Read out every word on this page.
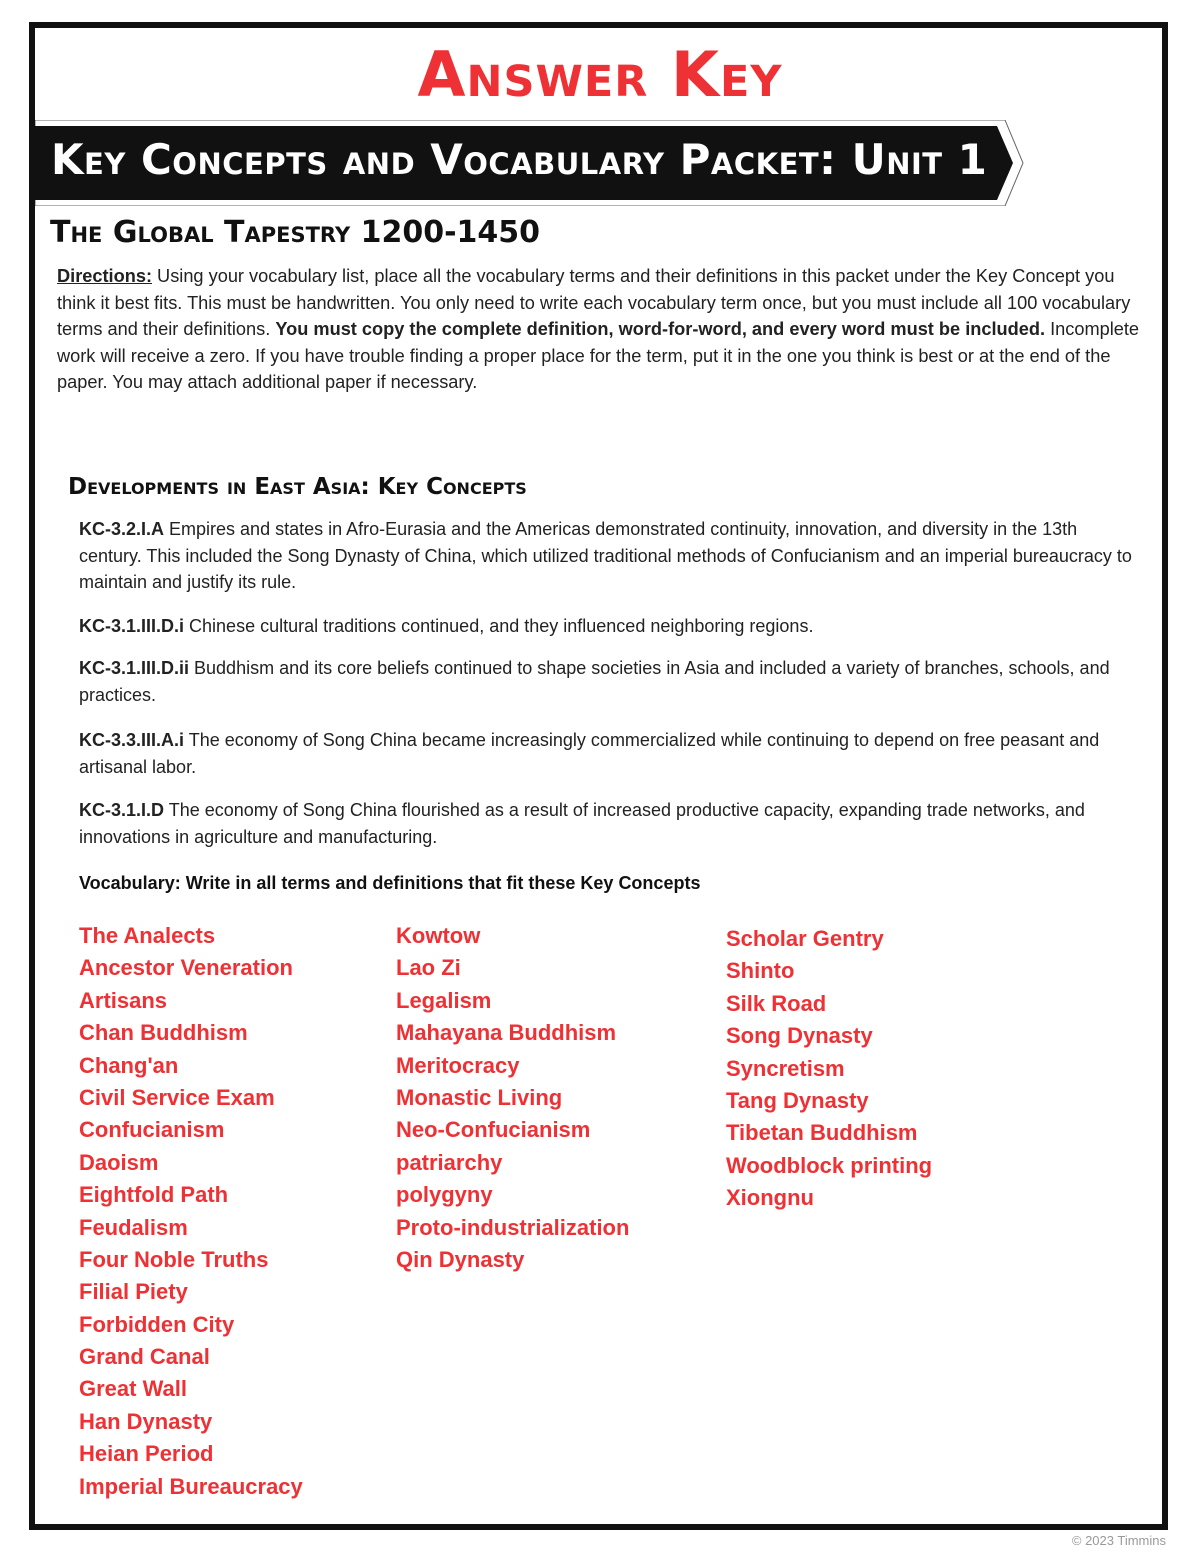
Answer Key
Key Concepts and Vocabulary Packet: Unit 1
The Global Tapestry 1200-1450
Directions: Using your vocabulary list, place all the vocabulary terms and their definitions in this packet under the Key Concept you think it best fits. This must be handwritten. You only need to write each vocabulary term once, but you must include all 100 vocabulary terms and their definitions. You must copy the complete definition, word-for-word, and every word must be included. Incomplete work will receive a zero. If you have trouble finding a proper place for the term, put it in the one you think is best or at the end of the paper. You may attach additional paper if necessary.
Developments in East Asia: Key Concepts
KC-3.2.I.A Empires and states in Afro-Eurasia and the Americas demonstrated continuity, innovation, and diversity in the 13th century. This included the Song Dynasty of China, which utilized traditional methods of Confucianism and an imperial bureaucracy to maintain and justify its rule.
KC-3.1.III.D.i Chinese cultural traditions continued, and they influenced neighboring regions.
KC-3.1.III.D.ii Buddhism and its core beliefs continued to shape societies in Asia and included a variety of branches, schools, and practices.
KC-3.3.III.A.i The economy of Song China became increasingly commercialized while continuing to depend on free peasant and artisanal labor.
KC-3.1.I.D The economy of Song China flourished as a result of increased productive capacity, expanding trade networks, and innovations in agriculture and manufacturing.
Vocabulary: Write in all terms and definitions that fit these Key Concepts
The Analects
Ancestor Veneration
Artisans
Chan Buddhism
Chang'an
Civil Service Exam
Confucianism
Daoism
Eightfold Path
Feudalism
Four Noble Truths
Filial Piety
Forbidden City
Grand Canal
Great Wall
Han Dynasty
Heian Period
Imperial Bureaucracy
Kowtow
Lao Zi
Legalism
Mahayana Buddhism
Meritocracy
Monastic Living
Neo-Confucianism
patriarchy
polygyny
Proto-industrialization
Qin Dynasty
Scholar Gentry
Shinto
Silk Road
Song Dynasty
Syncretism
Tang Dynasty
Tibetan Buddhism
Woodblock printing
Xiongnu
© 2023 Timmins
